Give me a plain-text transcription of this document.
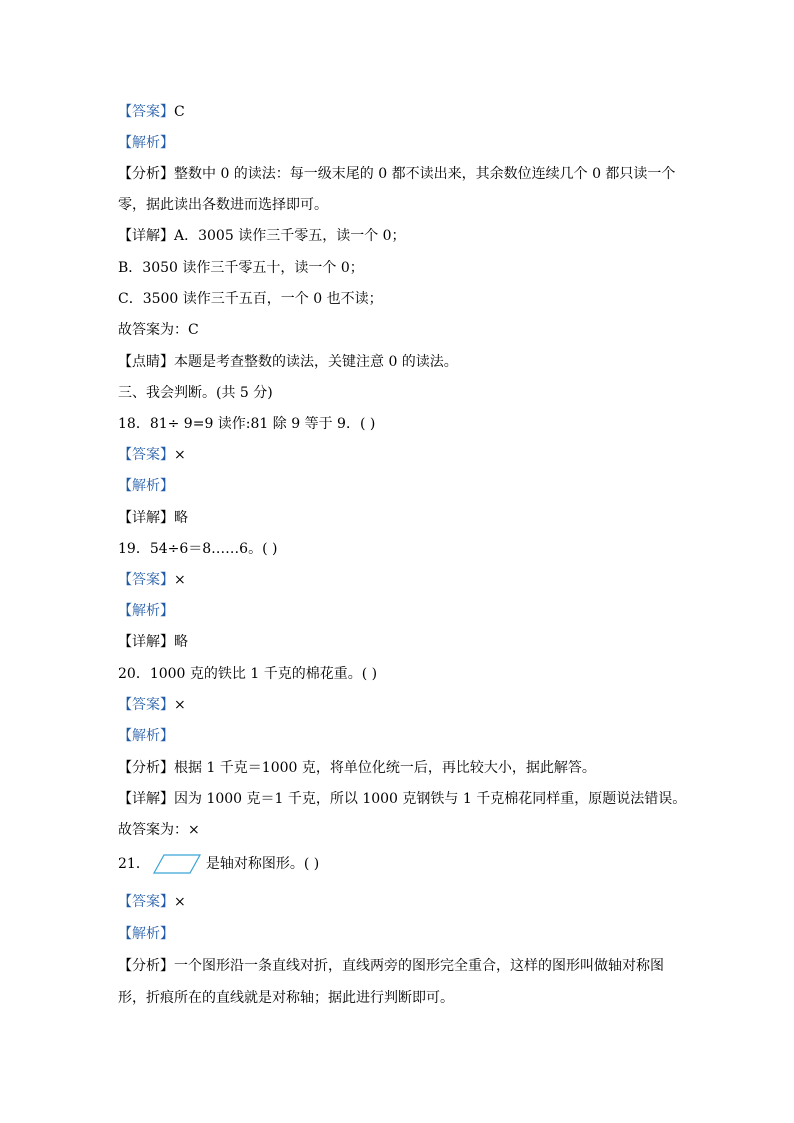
【答案】C
【解析】
【分析】整数中 0 的读法：每一级末尾的 0 都不读出来，其余数位连续几个 0 都只读一个
零，据此读出各数进而选择即可。
【详解】A．3005 读作三千零五，读一个 0；
B．3050 读作三千零五十，读一个 0；
C．3500 读作三千五百，一个 0 也不读；
故答案为：C
【点睛】本题是考查整数的读法，关键注意 0 的读法。
三、我会判断。(共 5 分)
18．81÷ 9=9 读作:81 除 9 等于 9．( )
【答案】×
【解析】
【详解】略
19．54÷6＝8……6。( )
【答案】×
【解析】
【详解】略
20．1000 克的铁比 1 千克的棉花重。( )
【答案】×
【解析】
【分析】根据 1 千克＝1000 克，将单位化统一后，再比较大小，据此解答。
【详解】因为 1000 克＝1 千克，所以 1000 克钢铁与 1 千克棉花同样重，原题说法错误。
故答案为：×
21．	是轴对称图形。( )
【答案】×
【解析】
【分析】一个图形沿一条直线对折，直线两旁的图形完全重合，这样的图形叫做轴对称图
形，折痕所在的直线就是对称轴；据此进行判断即可。
